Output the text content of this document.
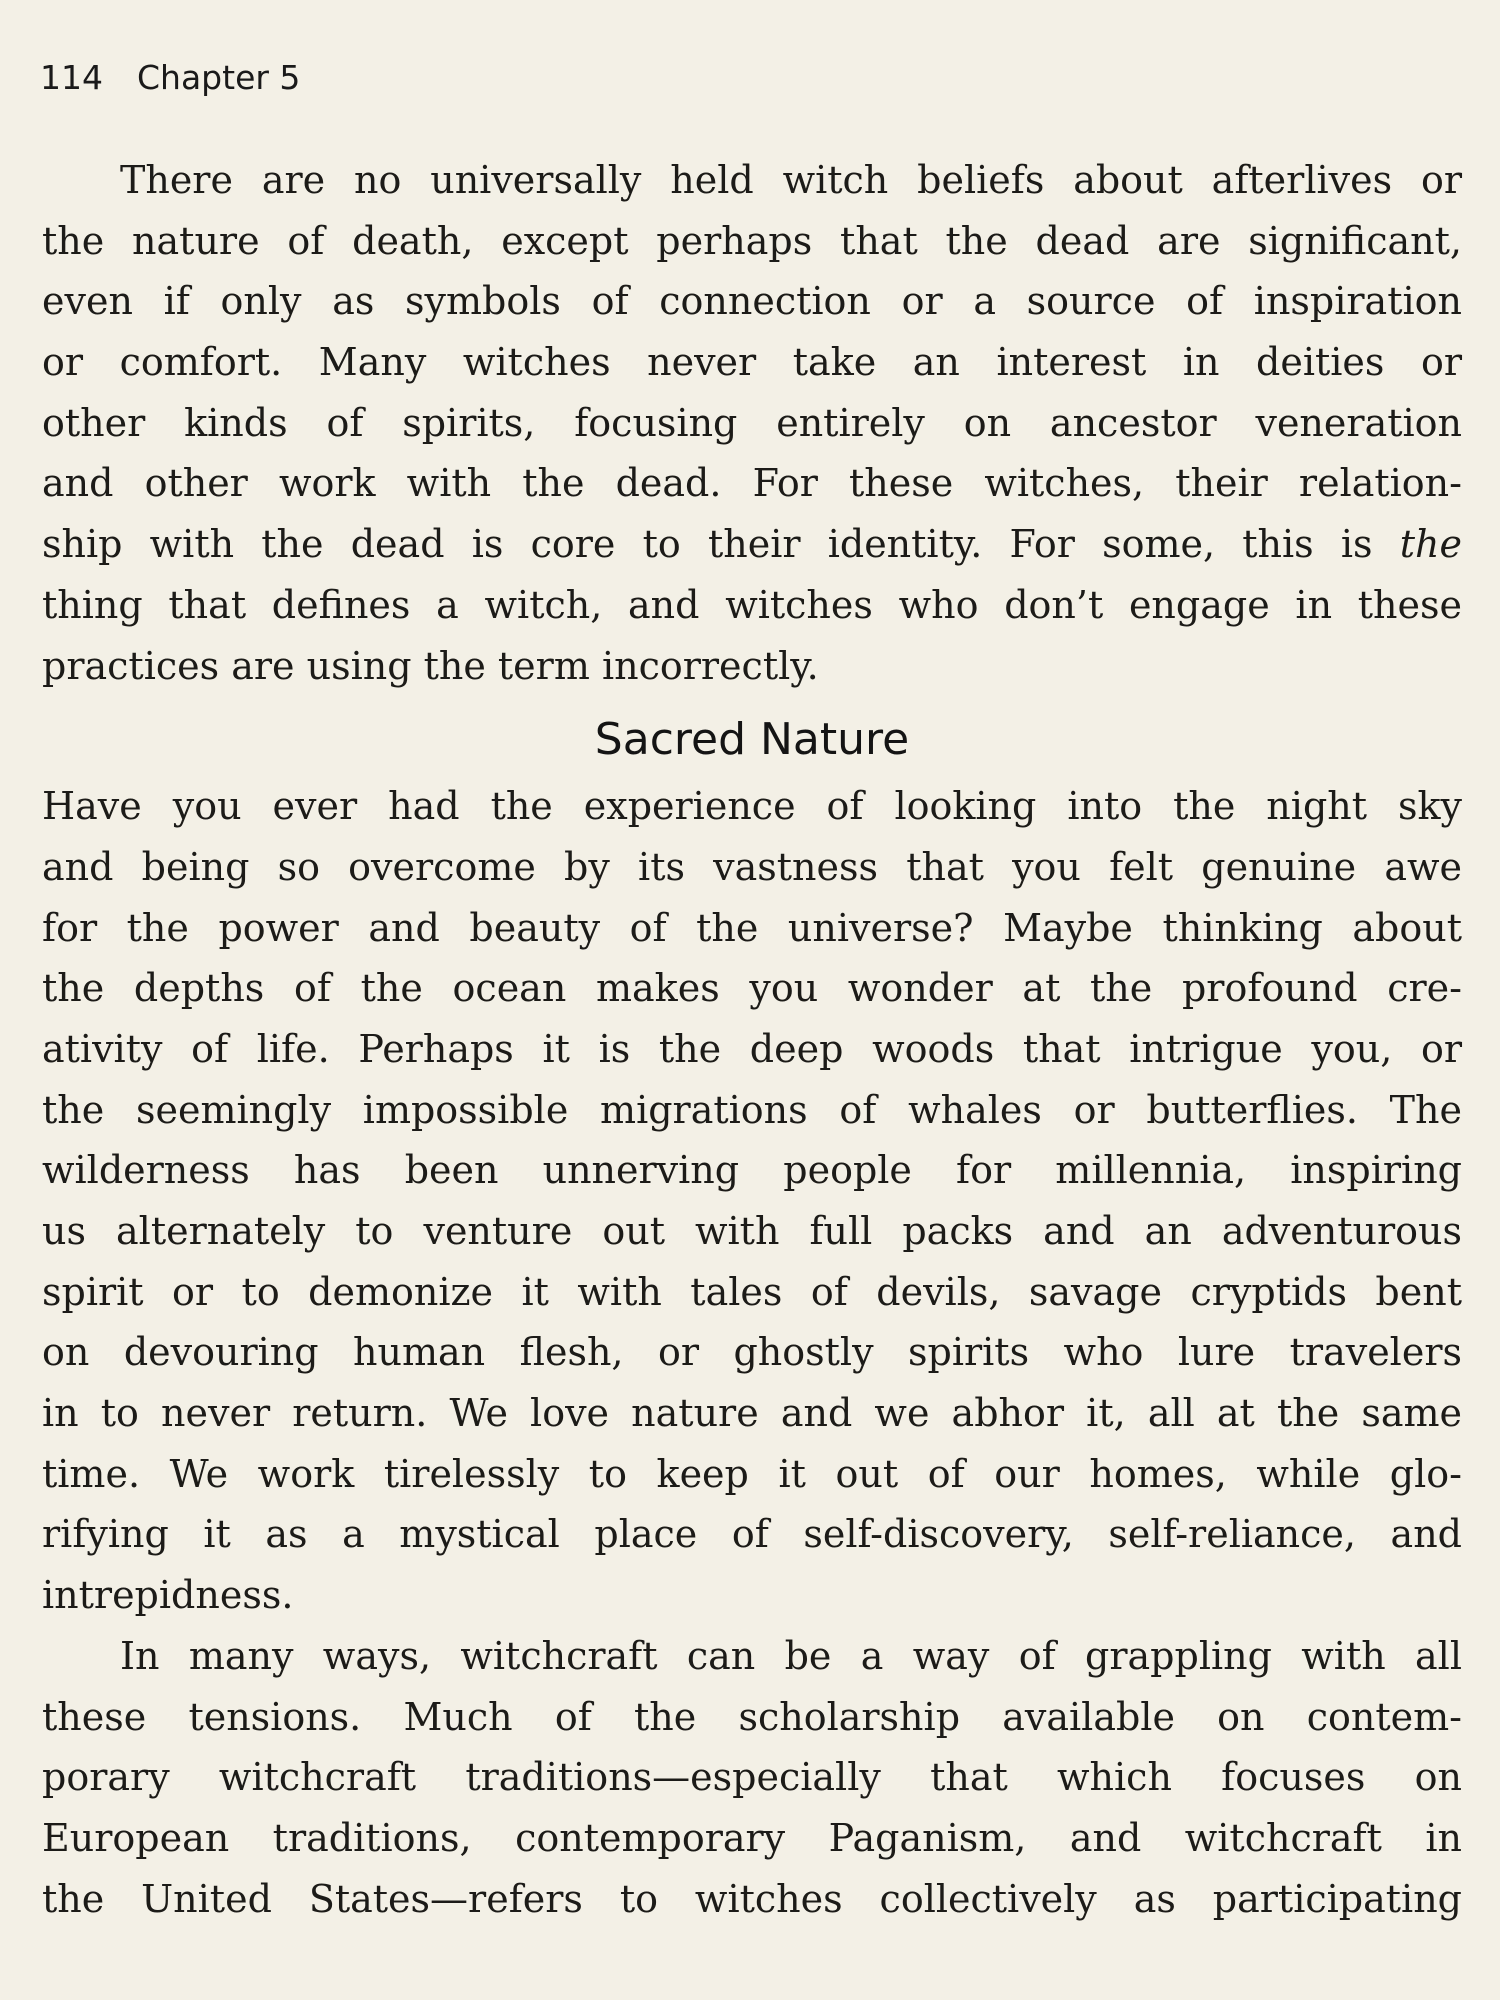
114 Chapter 5
There are no universally held witch beliefs about afterlives or
the nature of death, except perhaps that the dead are significant,
even if only as symbols of connection or a source of inspiration
or comfort. Many witches never take an interest in deities or
other kinds of spirits, focusing entirely on ancestor veneration
and other work with the dead. For these witches, their relation-
ship with the dead is core to their identity. For some, this is the
thing that defines a witch, and witches who don’t engage in these
practices are using the term incorrectly.
Sacred Nature
Have you ever had the experience of looking into the night sky
and being so overcome by its vastness that you felt genuine awe
for the power and beauty of the universe? Maybe thinking about
the depths of the ocean makes you wonder at the profound cre-
ativity of life. Perhaps it is the deep woods that intrigue you, or
the seemingly impossible migrations of whales or butterflies. The
wilderness has been unnerving people for millennia, inspiring
us alternately to venture out with full packs and an adventurous
spirit or to demonize it with tales of devils, savage cryptids bent
on devouring human flesh, or ghostly spirits who lure travelers
in to never return. We love nature and we abhor it, all at the same
time. We work tirelessly to keep it out of our homes, while glo-
rifying it as a mystical place of self-discovery, self-reliance, and
intrepidness.
In many ways, witchcraft can be a way of grappling with all
these tensions. Much of the scholarship available on contem-
porary witchcraft traditions—especially that which focuses on
European traditions, contemporary Paganism, and witchcraft in
the United States—refers to witches collectively as participating
